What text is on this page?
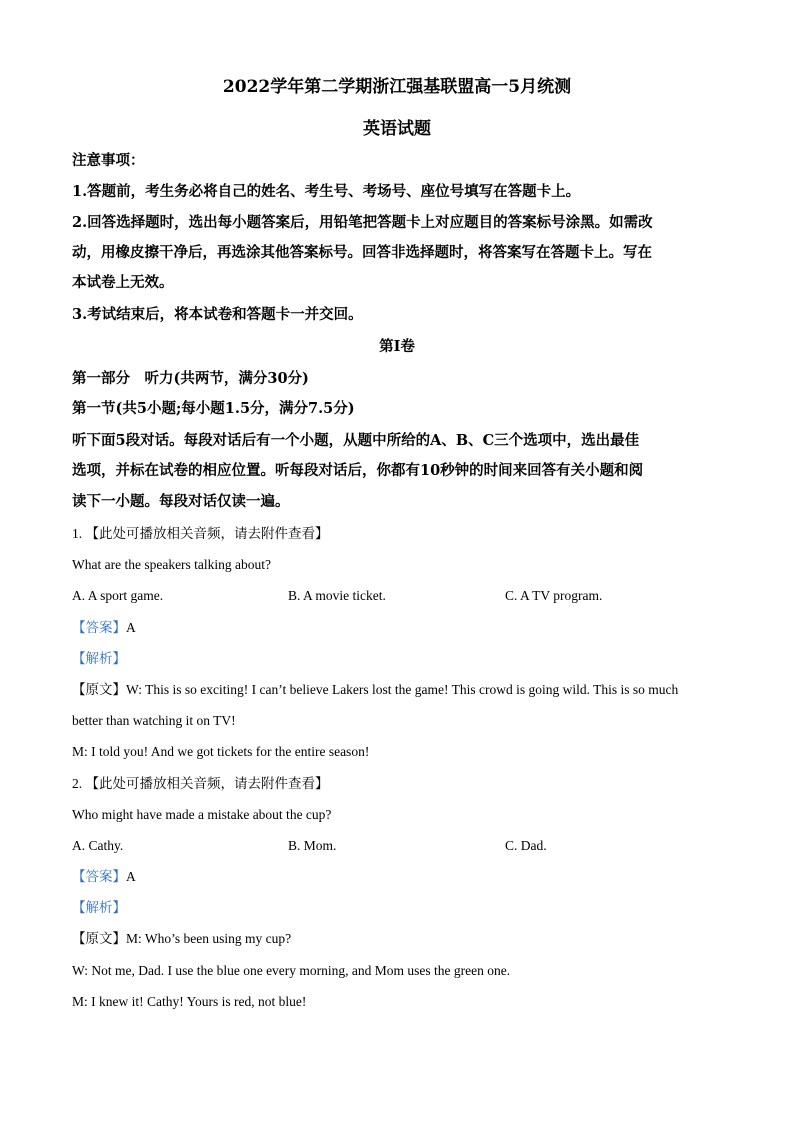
2022学年第二学期浙江强基联盟高一5月统测
英语试题
注意事项：
1.答题前，考生务必将自己的姓名、考生号、考场号、座位号填写在答题卡上。
2.回答选择题时，选出每小题答案后，用铅笔把答题卡上对应题目的答案标号涂黑。如需改
动，用橡皮擦干净后，再选涂其他答案标号。回答非选择题时，将答案写在答题卡上。写在
本试卷上无效。
3.考试结束后，将本试卷和答题卡一并交回。
第I卷
第一部分　听力(共两节，满分30分)
第一节(共5小题;每小题1.5分，满分7.5分)
听下面5段对话。每段对话后有一个小题，从题中所给的A、B、C三个选项中，选出最佳
选项，并标在试卷的相应位置。听每段对话后，你都有10秒钟的时间来回答有关小题和阅
读下一小题。每段对话仅读一遍。
1. 【此处可播放相关音频，请去附件查看】
What are the speakers talking about?
A. A sport game.	B. A movie ticket.	C. A TV program.
【答案】A
【解析】
【原文】W: This is so exciting! I can’t believe Lakers lost the game! This crowd is going wild. This is so much
better than watching it on TV!
M: I told you! And we got tickets for the entire season!
2. 【此处可播放相关音频，请去附件查看】
Who might have made a mistake about the cup?
A. Cathy.	B. Mom.	C. Dad.
【答案】A
【解析】
【原文】M: Who’s been using my cup?
W: Not me, Dad. I use the blue one every morning, and Mom uses the green one.
M: I knew it! Cathy! Yours is red, not blue!
